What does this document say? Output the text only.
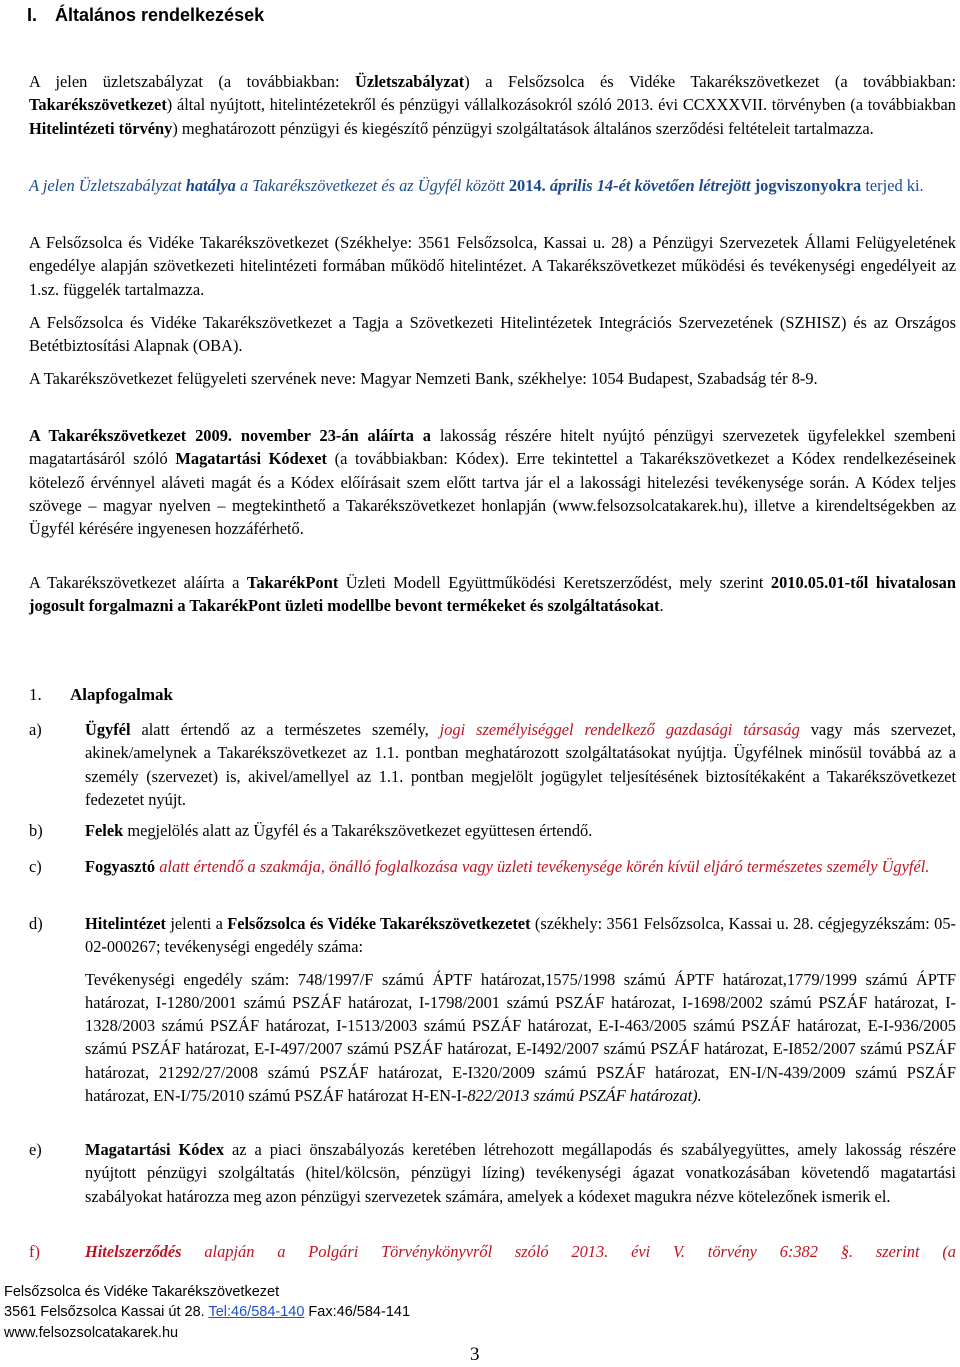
I. Általános rendelkezések
A jelen üzletszabályzat (a továbbiakban: Üzletszabályzat) a Felsőzsolca és Vidéke Takarékszövetkezet (a továbbiakban: Takarékszövetkezet) által nyújtott, hitelintézetekről és pénzügyi vállalkozásokról szóló 2013. évi CCXXXVII. törvényben (a továbbiakban Hitelintézeti törvény) meghatározott pénzügyi és kiegészítő pénzügyi szolgáltatások általános szerződési feltételeit tartalmazza.
A jelen Üzletszabályzat hatálya a Takarékszövetkezet és az Ügyfél között 2014. április 14-ét követően létrejött jogviszonyokra terjed ki.
A Felsőzsolca és Vidéke Takarékszövetkezet (Székhelye: 3561 Felsőzsolca, Kassai u. 28) a Pénzügyi Szervezetek Állami Felügyeletének engedélye alapján szövetkezeti hitelintézeti formában működő hitelintézet. A Takarékszövetkezet működési és tevékenységi engedélyeit az 1.sz. függelék tartalmazza.
A Felsőzsolca és Vidéke Takarékszövetkezet a Tagja a Szövetkezeti Hitelintézetek Integrációs Szervezetének (SZHISZ) és az Országos Betétbiztosítási Alapnak (OBA).
A Takarékszövetkezet felügyeleti szervének neve: Magyar Nemzeti Bank, székhelye: 1054 Budapest, Szabadság tér 8-9.
A Takarékszövetkezet 2009. november 23-án aláírta a lakosság részére hitelt nyújtó pénzügyi szervezetek ügyfelekkel szembeni magatartásáról szóló Magatartási Kódexet (a továbbiakban: Kódex). Erre tekintettel a Takarékszövetkezet a Kódex rendelkezéseinek kötelező érvénnyel aláveti magát és a Kódex előírásait szem előtt tartva jár el a lakossági hitelezési tevékenysége során. A Kódex teljes szövege – magyar nyelven – megtekinthető a Takarékszövetkezet honlapján (www.felsozsolcatakarek.hu), illetve a kirendeltségekben az Ügyfél kérésére ingyenesen hozzáférhető.
A Takarékszövetkezet aláírta a TakarékPont Üzleti Modell Együttműködési Keretszerződést, mely szerint 2010.05.01-től hivatalosan jogosult forgalmazni a TakarékPont üzleti modellbe bevont termékeket és szolgáltatásokat.
1. Alapfogalmak
a)	Ügyfél alatt értendő az a természetes személy, jogi személyiséggel rendelkező gazdasági társaság vagy más szervezet, akinek/amelynek a Takarékszövetkezet az 1.1. pontban meghatározott szolgáltatásokat nyújtja. Ügyfélnek minősül továbbá az a személy (szervezet) is, akivel/amellyel az 1.1. pontban megjelölt jogügylet teljesítésének biztosítékaként a Takarékszövetkezet fedezetet nyújt.
b)	Felek megjelölés alatt az Ügyfél és a Takarékszövetkezet együttesen értendő.
c)	Fogyasztó alatt értendő a szakmája, önálló foglalkozása vagy üzleti tevékenysége körén kívül eljáró természetes személy Ügyfél.
d)	Hitelintézet jelenti a Felsőzsolca és Vidéke Takarékszövetkezetet (székhely: 3561 Felsőzsolca, Kassai u. 28. cégjegyzékszám: 05-02-000267; tevékenységi engedély száma:
Tevékenységi engedély szám: 748/1997/F számú ÁPTF határozat,1575/1998 számú ÁPTF határozat,1779/1999 számú ÁPTF határozat, I-1280/2001 számú PSZÁF határozat, I-1798/2001 számú PSZÁF határozat, I-1698/2002 számú PSZÁF határozat, I-1328/2003 számú PSZÁF határozat, I-1513/2003 számú PSZÁF határozat, E-I-463/2005 számú PSZÁF határozat, E-I-936/2005 számú PSZÁF határozat, E-I-497/2007 számú PSZÁF határozat, E-I492/2007 számú PSZÁF határozat, E-I852/2007 számú PSZÁF határozat, 21292/27/2008 számú PSZÁF határozat, E-I320/2009 számú PSZÁF határozat, EN-I/N-439/2009 számú PSZÁF határozat, EN-I/75/2010 számú PSZÁF határozat H-EN-I-822/2013 számú PSZÁF határozat).
e)	Magatartási Kódex az a piaci önszabályozás keretében létrehozott megállapodás és szabályegyüttes, amely lakosság részére nyújtott pénzügyi szolgáltatás (hitel/kölcsön, pénzügyi lízing) tevékenységi ágazat vonatkozásában követendő magatartási szabályokat határozza meg azon pénzügyi szervezetek számára, amelyek a kódexet magukra nézve kötelezőnek ismerik el.
f)	Hitelszerződés alapján a Polgári Törvénykönyvről szóló 2013. évi V. törvény 6:382 §. szerint (a
Felsőzsolca és Vidéke Takarékszövetkezet
3561 Felsőzsolca Kassai út 28. Tel:46/584-140 Fax:46/584-141
www.felsozsolcatakarek.hu
3
